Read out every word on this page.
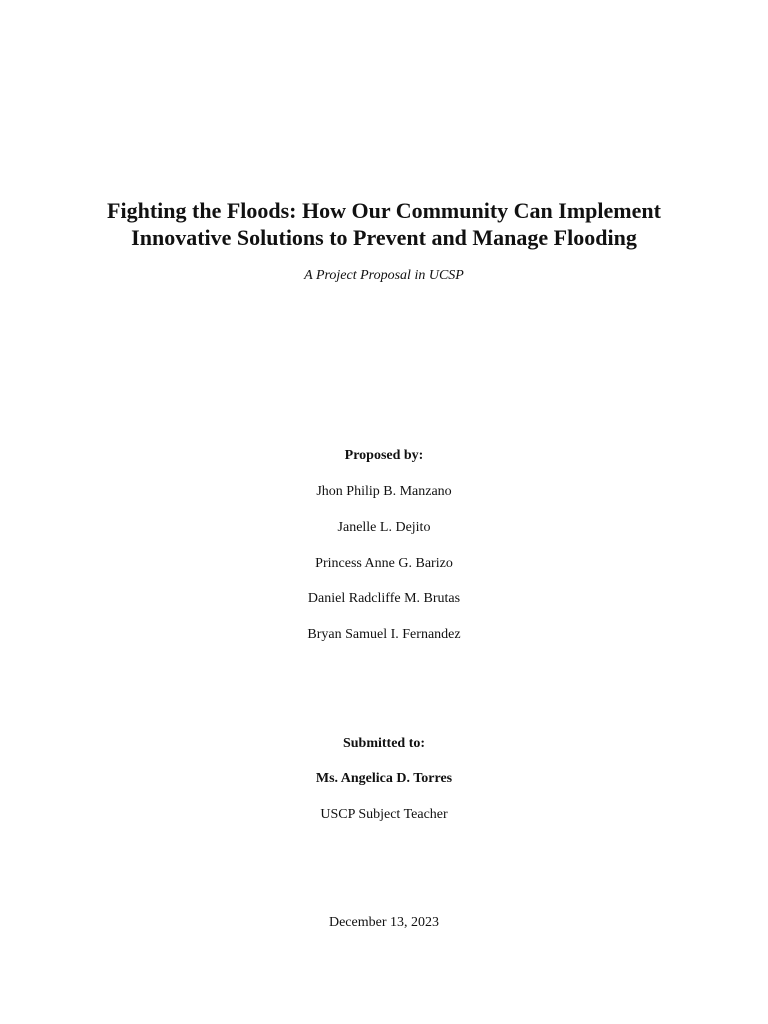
Fighting the Floods: How Our Community Can Implement
Innovative Solutions to Prevent and Manage Flooding
A Project Proposal in UCSP
Proposed by:
Jhon Philip B. Manzano
Janelle L. Dejito
Princess Anne G. Barizo
Daniel Radcliffe M. Brutas
Bryan Samuel I. Fernandez
Submitted to:
Ms. Angelica D. Torres
USCP Subject Teacher
December 13, 2023
